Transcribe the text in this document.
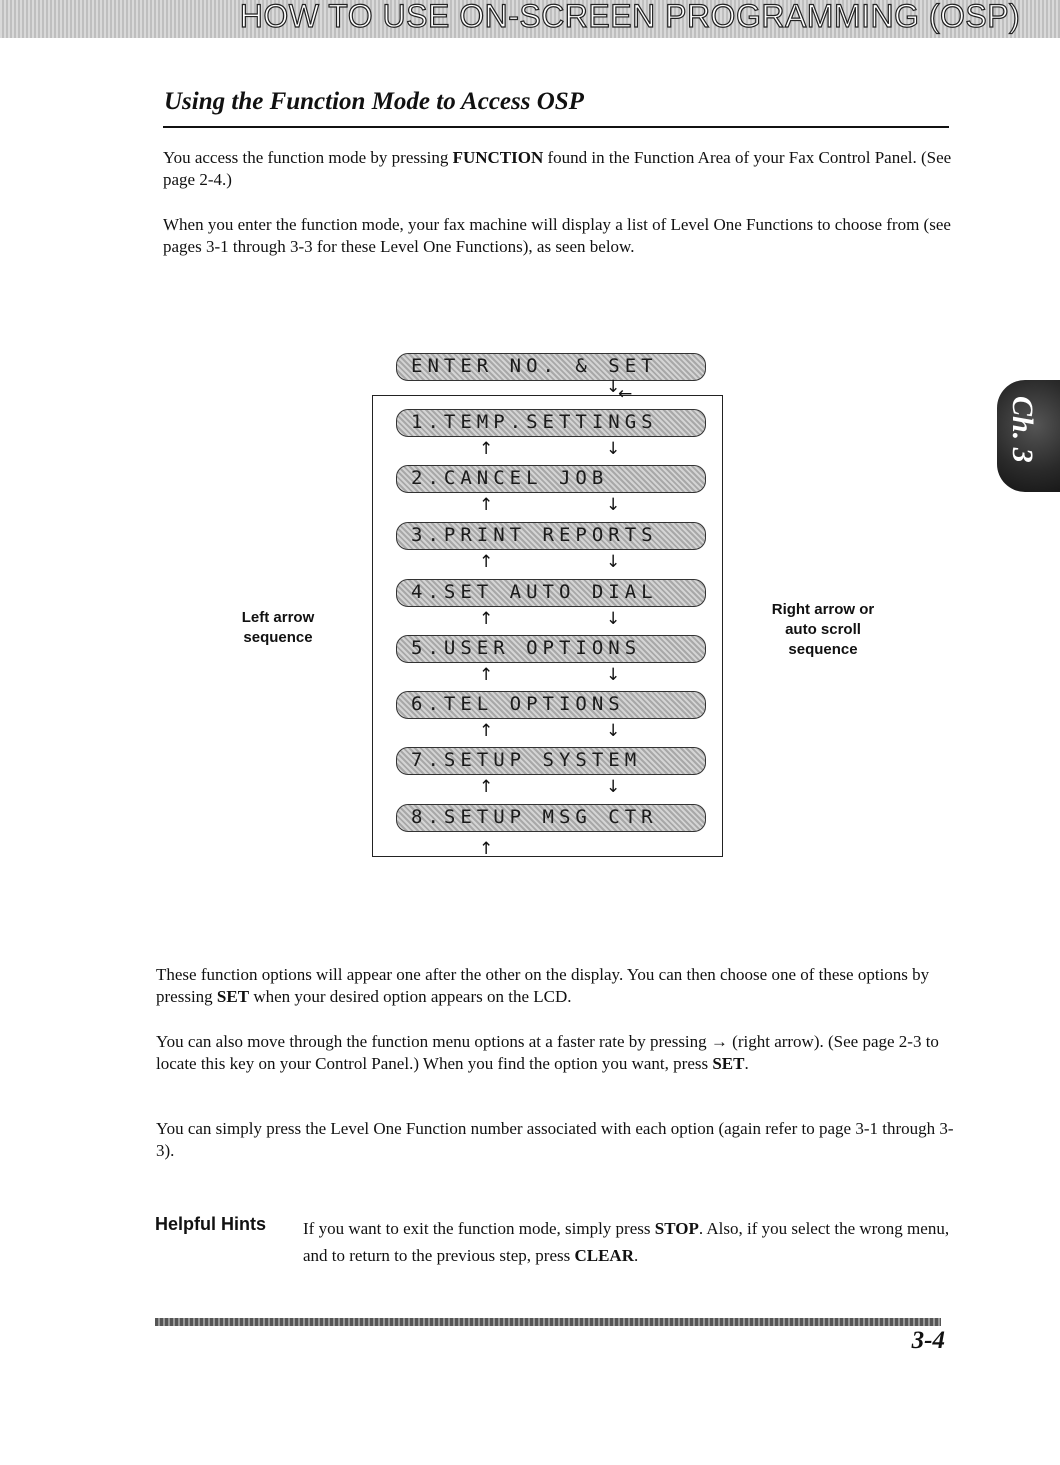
HOW TO USE ON-SCREEN PROGRAMMING (OSP)
Using the Function Mode to Access OSP

You access the function mode by pressing FUNCTION found in the Function Area of your Fax Control Panel. (See page 2-4.)

When you enter the function mode, your fax machine will display a list of Level One Functions to choose from (see pages 3-1 through 3-3 for these Level One Functions), as seen below.

ENTER NO. & SET
1.TEMP.SETTINGS
2.CANCEL JOB
3.PRINT REPORTS
4.SET AUTO DIAL
5.USER OPTIONS
6.TEL OPTIONS
7.SETUP SYSTEM
8.SETUP MSG CTR
↓
←
↑	↓
↑	↓
↑	↓
↑	↓
↑	↓
↑	↓
↑	↓
↑
Left arrow sequence
Right arrow or auto scroll sequence
Ch. 3

These function options will appear one after the other on the display. You can then choose one of these options by pressing SET when your desired option appears on the LCD.

You can also move through the function menu options at a faster rate by pressing → (right arrow). (See page 2-3 to locate this key on your Control Panel.) When you find the option you want, press SET.

You can simply press the Level One Function number associated with each option (again refer to page 3-1 through 3-3).

Helpful Hints If you want to exit the function mode, simply press STOP. Also, if you select the wrong menu, and to return to the previous step, press CLEAR.

3-4
